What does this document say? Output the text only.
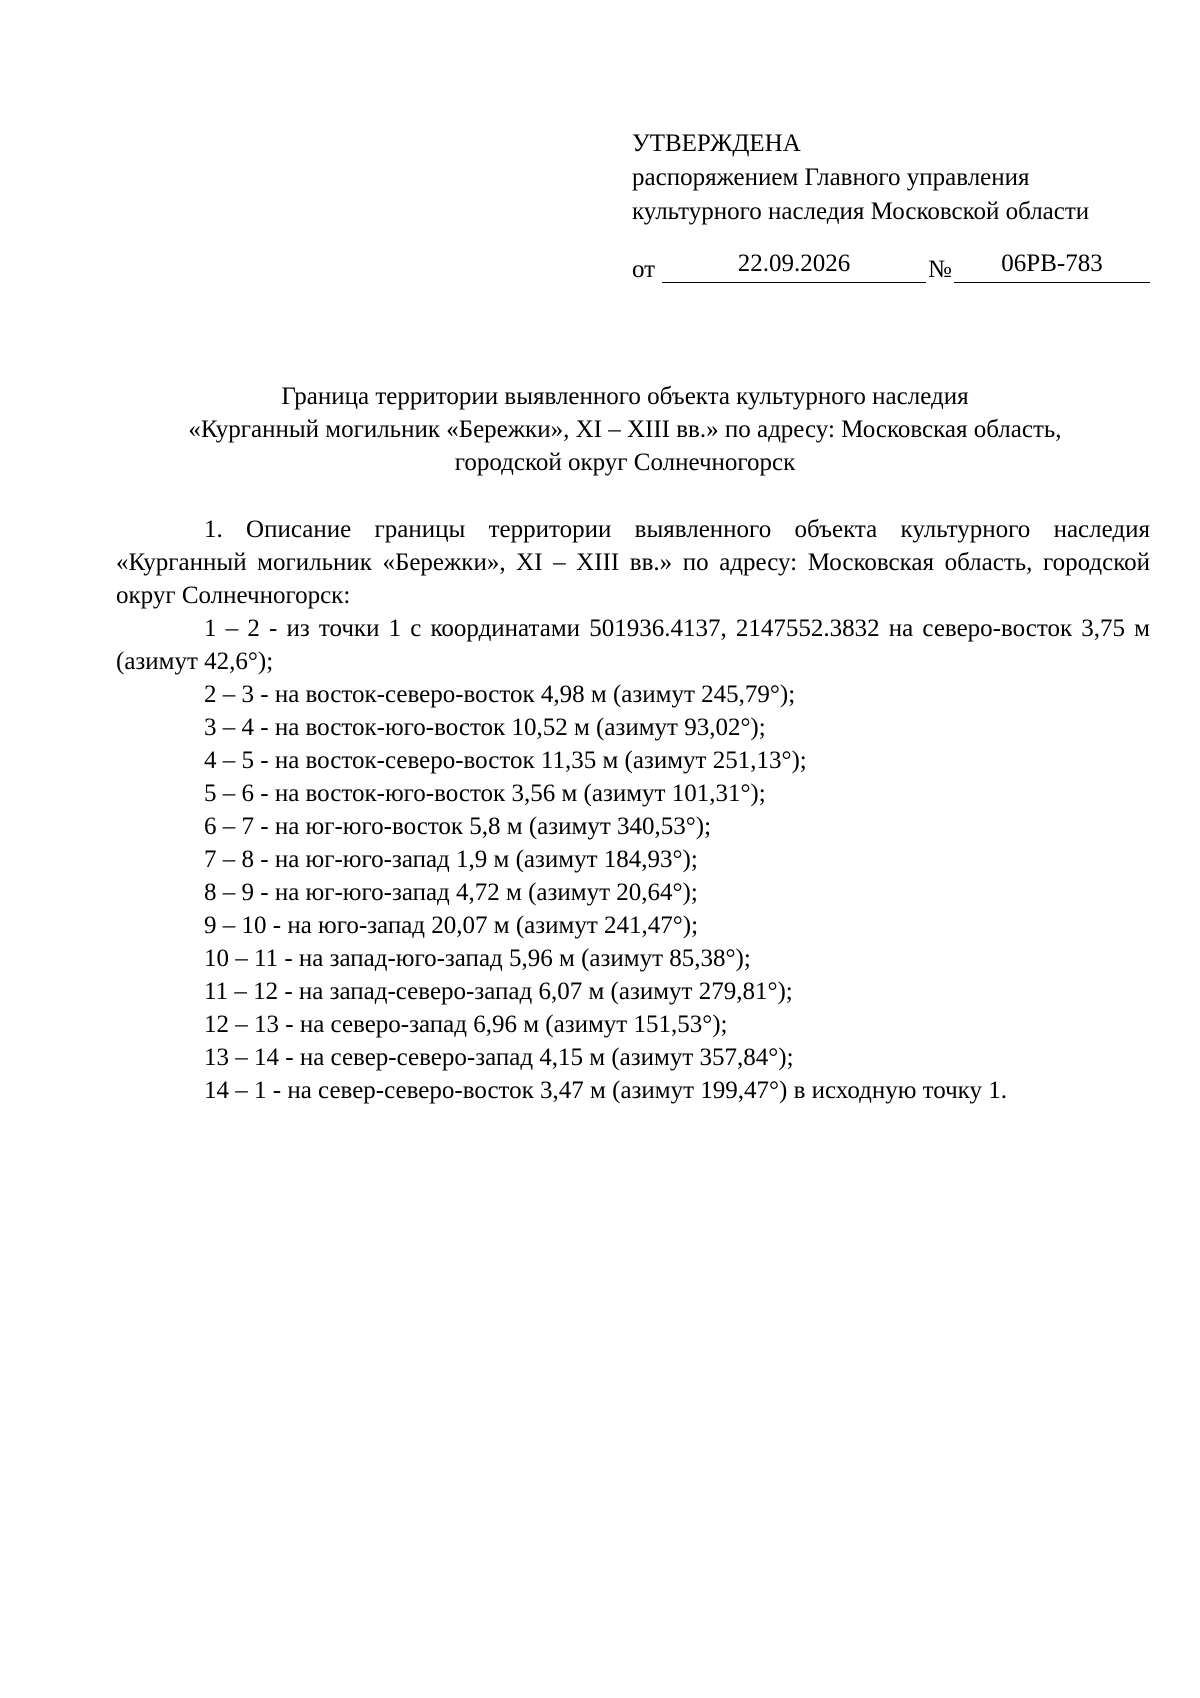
УТВЕРЖДЕНА
распоряжением Главного управления
культурного наследия Московской области
от	22.09.2026	№	06РВ-783
Граница территории выявленного объекта культурного наследия
«Курганный могильник «Бережки», XI – XIII вв.» по адресу: Московская область,
городской округ Солнечногорск

1. Описание границы территории выявленного объекта культурного наследия «Курганный могильник «Бережки», XI – XIII вв.» по адресу: Московская область, городской округ Солнечногорск:

1 – 2 - из точки 1 с координатами 501936.4137, 2147552.3832 на северо-восток 3,75 м (азимут 42,6°);

2 – 3 - на восток-северо-восток 4,98 м (азимут 245,79°);

3 – 4 - на восток-юго-восток 10,52 м (азимут 93,02°);

4 – 5 - на восток-северо-восток 11,35 м (азимут 251,13°);

5 – 6 - на восток-юго-восток 3,56 м (азимут 101,31°);

6 – 7 - на юг-юго-восток 5,8 м (азимут 340,53°);

7 – 8 - на юг-юго-запад 1,9 м (азимут 184,93°);

8 – 9 - на юг-юго-запад 4,72 м (азимут 20,64°);

9 – 10 - на юго-запад 20,07 м (азимут 241,47°);

10 – 11 - на запад-юго-запад 5,96 м (азимут 85,38°);

11 – 12 - на запад-северо-запад 6,07 м (азимут 279,81°);

12 – 13 - на северо-запад 6,96 м (азимут 151,53°);

13 – 14 - на север-северо-запад 4,15 м (азимут 357,84°);

14 – 1 - на север-северо-восток 3,47 м (азимут 199,47°) в исходную точку 1.
